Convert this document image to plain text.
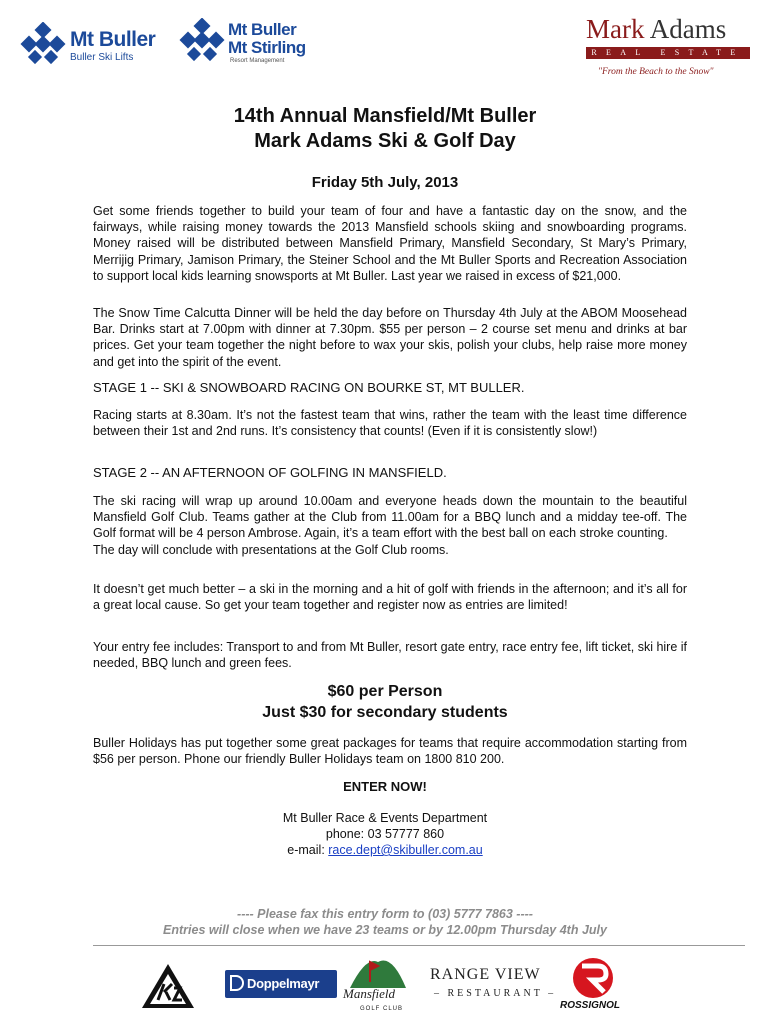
Mt Buller
Buller Ski Lifts
Mt Buller
Mt Stirling
Resort Management
Mark Adams
REAL ESTATE
"From the Beach to the Snow"
14th Annual Mansfield/Mt Buller
Mark Adams Ski & Golf Day
Friday 5th July, 2013

Get some friends together to build your team of four and have a fantastic day on the snow, and the fairways, while raising money towards the 2013 Mansfield schools skiing and snowboarding programs. Money raised will be distributed between Mansfield Primary, Mansfield Secondary, St Mary’s Primary, Merrijig Primary, Jamison Primary, the Steiner School and the Mt Buller Sports and Recreation Association to support local kids learning snowsports at Mt Buller. Last year we raised in excess of $21,000.

The Snow Time Calcutta Dinner will be held the day before on Thursday 4th July at the ABOM Moosehead Bar. Drinks start at 7.00pm with dinner at 7.30pm. $55 per person – 2 course set menu and drinks at bar prices. Get your team together the night before to wax your skis, polish your clubs, help raise more money and get into the spirit of the event.

STAGE 1 -- SKI & SNOWBOARD RACING ON BOURKE ST, MT BULLER.

Racing starts at 8.30am. It’s not the fastest team that wins, rather the team with the least time difference between their 1st and 2nd runs. It’s consistency that counts! (Even if it is consistently slow!)

STAGE 2 -- AN AFTERNOON OF GOLFING IN MANSFIELD.

The ski racing will wrap up around 10.00am and everyone heads down the mountain to the beautiful Mansfield Golf Club. Teams gather at the Club from 11.00am for a BBQ lunch and a midday tee-off. The Golf format will be 4 person Ambrose. Again, it’s a team effort with the best ball on each stroke counting.

The day will conclude with presentations at the Golf Club rooms.

It doesn’t get much better – a ski in the morning and a hit of golf with friends in the afternoon; and it’s all for a great local cause. So get your team together and register now as entries are limited!

Your entry fee includes: Transport to and from Mt Buller, resort gate entry, race entry fee, lift ticket, ski hire if needed, BBQ lunch and green fees.

$60 per Person
Just $30 for secondary students

Buller Holidays has put together some great packages for teams that require accommodation starting from $56 per person. Phone our friendly Buller Holidays team on 1800 810 200.

ENTER NOW!
Mt Buller Race & Events Department
phone: 03 57777 860
e-mail: race.dept@skibuller.com.au
---- Please fax this entry form to (03) 5777 7863 ----
Entries will close when we have 23 teams or by 12.00pm Thursday 4th July
Doppelmayr
Mansfield
GOLF CLUB
RANGE VIEW
– RESTAURANT –
ROSSIGNOL
